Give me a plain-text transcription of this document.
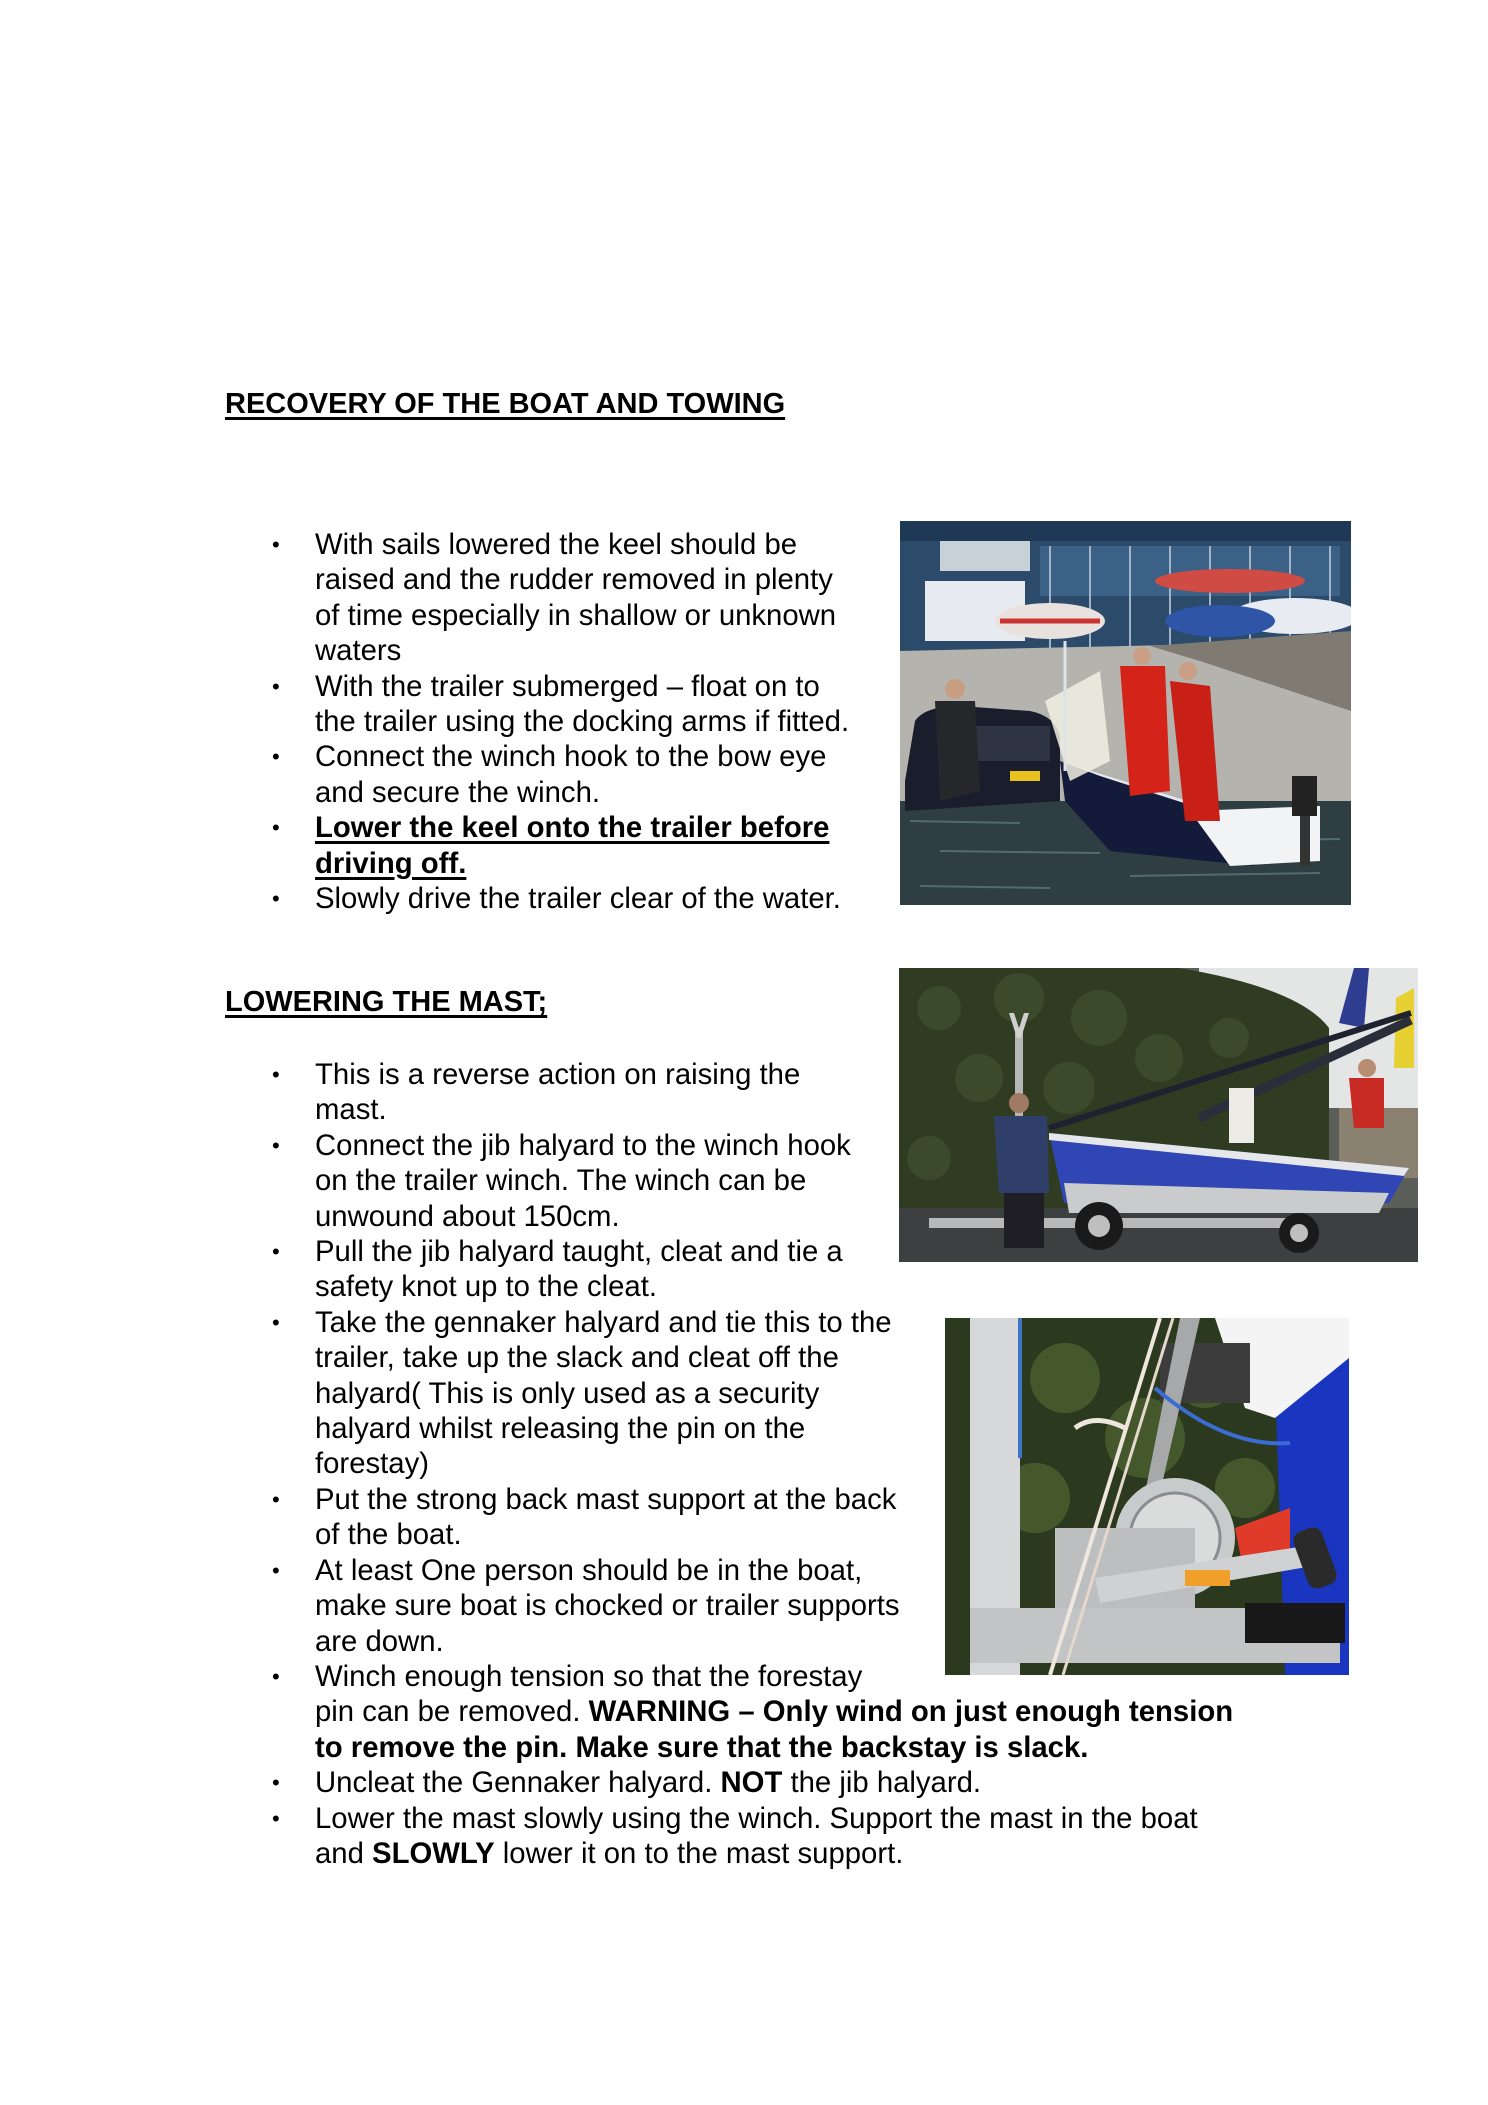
RECOVERY OF THE BOAT AND TOWING
• With sails lowered the keel should be
raised and the rudder removed in plenty
of time especially in shallow or unknown
waters
• With the trailer submerged – float on to
the trailer using the docking arms if fitted.
• Connect the winch hook to the bow eye
and secure the winch.
• Lower the keel onto the trailer before
driving off.
• Slowly drive the trailer clear of the water.
LOWERING THE MAST;
• This is a reverse action on raising the
mast.
• Connect the jib halyard to the winch hook
on the trailer winch. The winch can be
unwound about 150cm.
• Pull the jib halyard taught, cleat and tie a
safety knot up to the cleat.
• Take the gennaker halyard and tie this to the
trailer, take up the slack and cleat off the
halyard( This is only used as a security
halyard whilst releasing the pin on the
forestay)
• Put the strong back mast support at the back
of the boat.
• At least One person should be in the boat,
make sure boat is chocked or trailer supports
are down.
• Winch enough tension so that the forestay
pin can be removed. WARNING – Only wind on just enough tension
to remove the pin. Make sure that the backstay is slack.
• Uncleat the Gennaker halyard. NOT the jib halyard.
• Lower the mast slowly using the winch. Support the mast in the boat
and SLOWLY lower it on to the mast support.
